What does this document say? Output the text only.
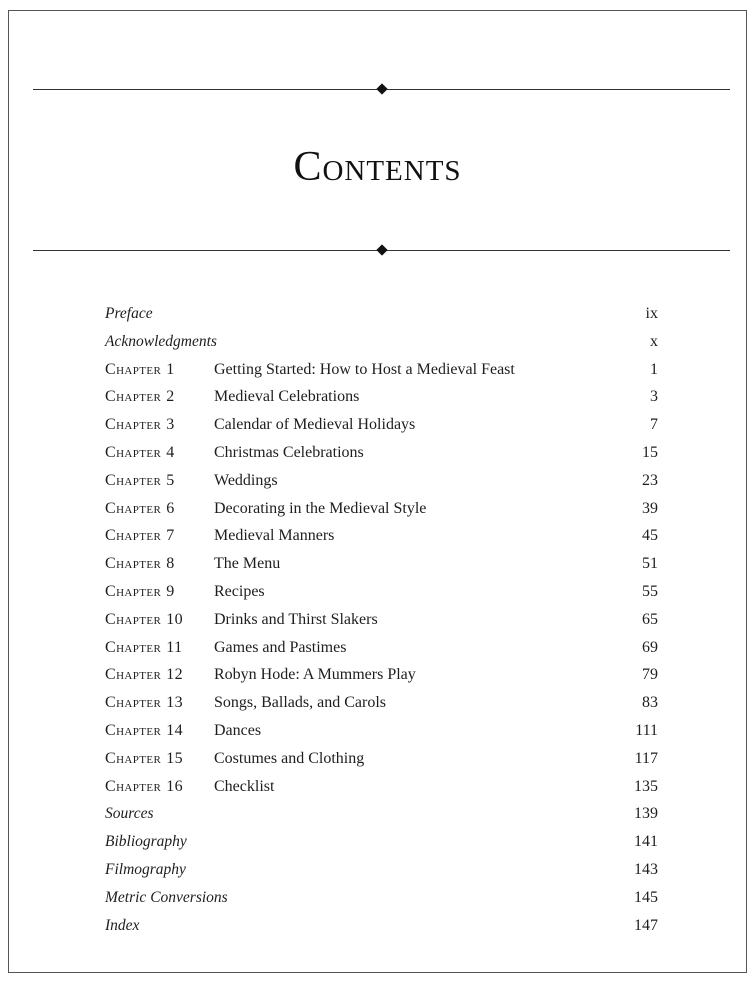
Contents
Preface	ix
Acknowledgments	x
Chapter 1 Getting Started: How to Host a Medieval Feast	1
Chapter 2 Medieval Celebrations	3
Chapter 3 Calendar of Medieval Holidays	7
Chapter 4 Christmas Celebrations	15
Chapter 5 Weddings	23
Chapter 6 Decorating in the Medieval Style	39
Chapter 7 Medieval Manners	45
Chapter 8 The Menu	51
Chapter 9 Recipes	55
Chapter 10 Drinks and Thirst Slakers	65
Chapter 11 Games and Pastimes	69
Chapter 12 Robyn Hode: A Mummers Play	79
Chapter 13 Songs, Ballads, and Carols	83
Chapter 14 Dances	111
Chapter 15 Costumes and Clothing	117
Chapter 16 Checklist	135
Sources	139
Bibliography	141
Filmography	143
Metric Conversions	145
Index	147
